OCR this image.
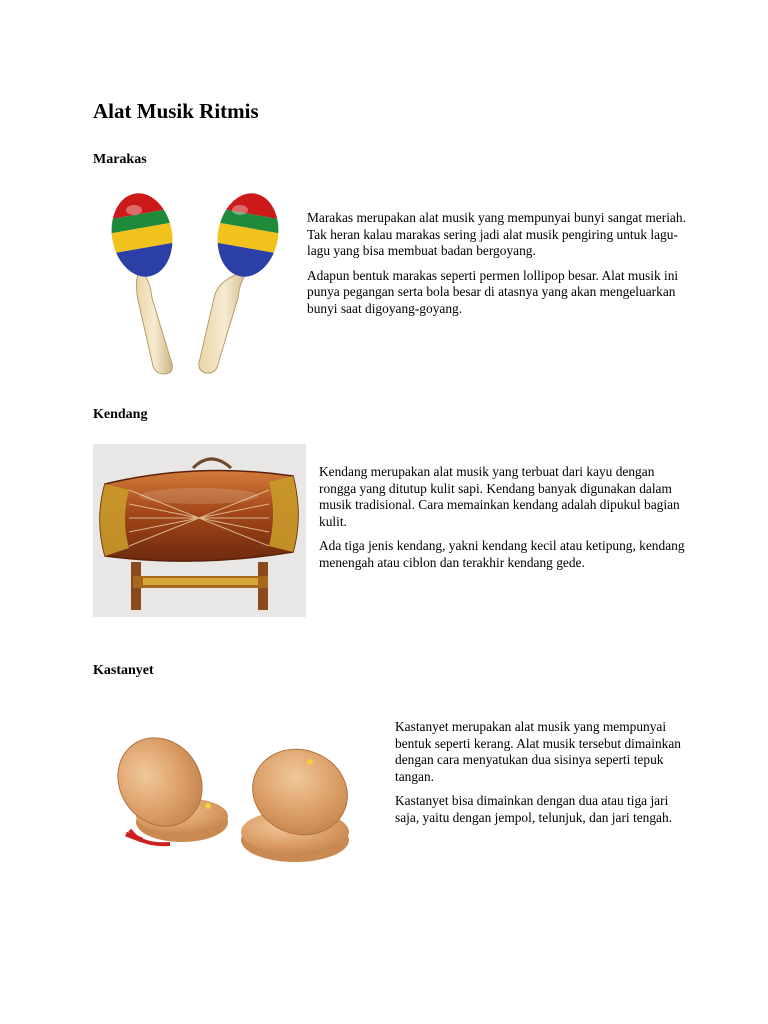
Alat Musik Ritmis
Marakas

Marakas merupakan alat musik yang mempunyai bunyi sangat meriah. Tak heran kalau marakas sering jadi alat musik pengiring untuk lagu-lagu yang bisa membuat badan bergoyang.

Adapun bentuk marakas seperti permen lollipop besar. Alat musik ini punya pegangan serta bola besar di atasnya yang akan mengeluarkan bunyi saat digoyang-goyang.

Kendang

Kendang merupakan alat musik yang terbuat dari kayu dengan rongga yang ditutup kulit sapi. Kendang banyak digunakan dalam musik tradisional. Cara memainkan kendang adalah dipukul bagian kulit.

Ada tiga jenis kendang, yakni kendang kecil atau ketipung, kendang menengah atau ciblon dan terakhir kendang gede.

Kastanyet

Kastanyet merupakan alat musik yang mempunyai bentuk seperti kerang. Alat musik tersebut dimainkan dengan cara menyatukan dua sisinya seperti tepuk tangan.

Kastanyet bisa dimainkan dengan dua atau tiga jari saja, yaitu dengan jempol, telunjuk, dan jari tengah.
